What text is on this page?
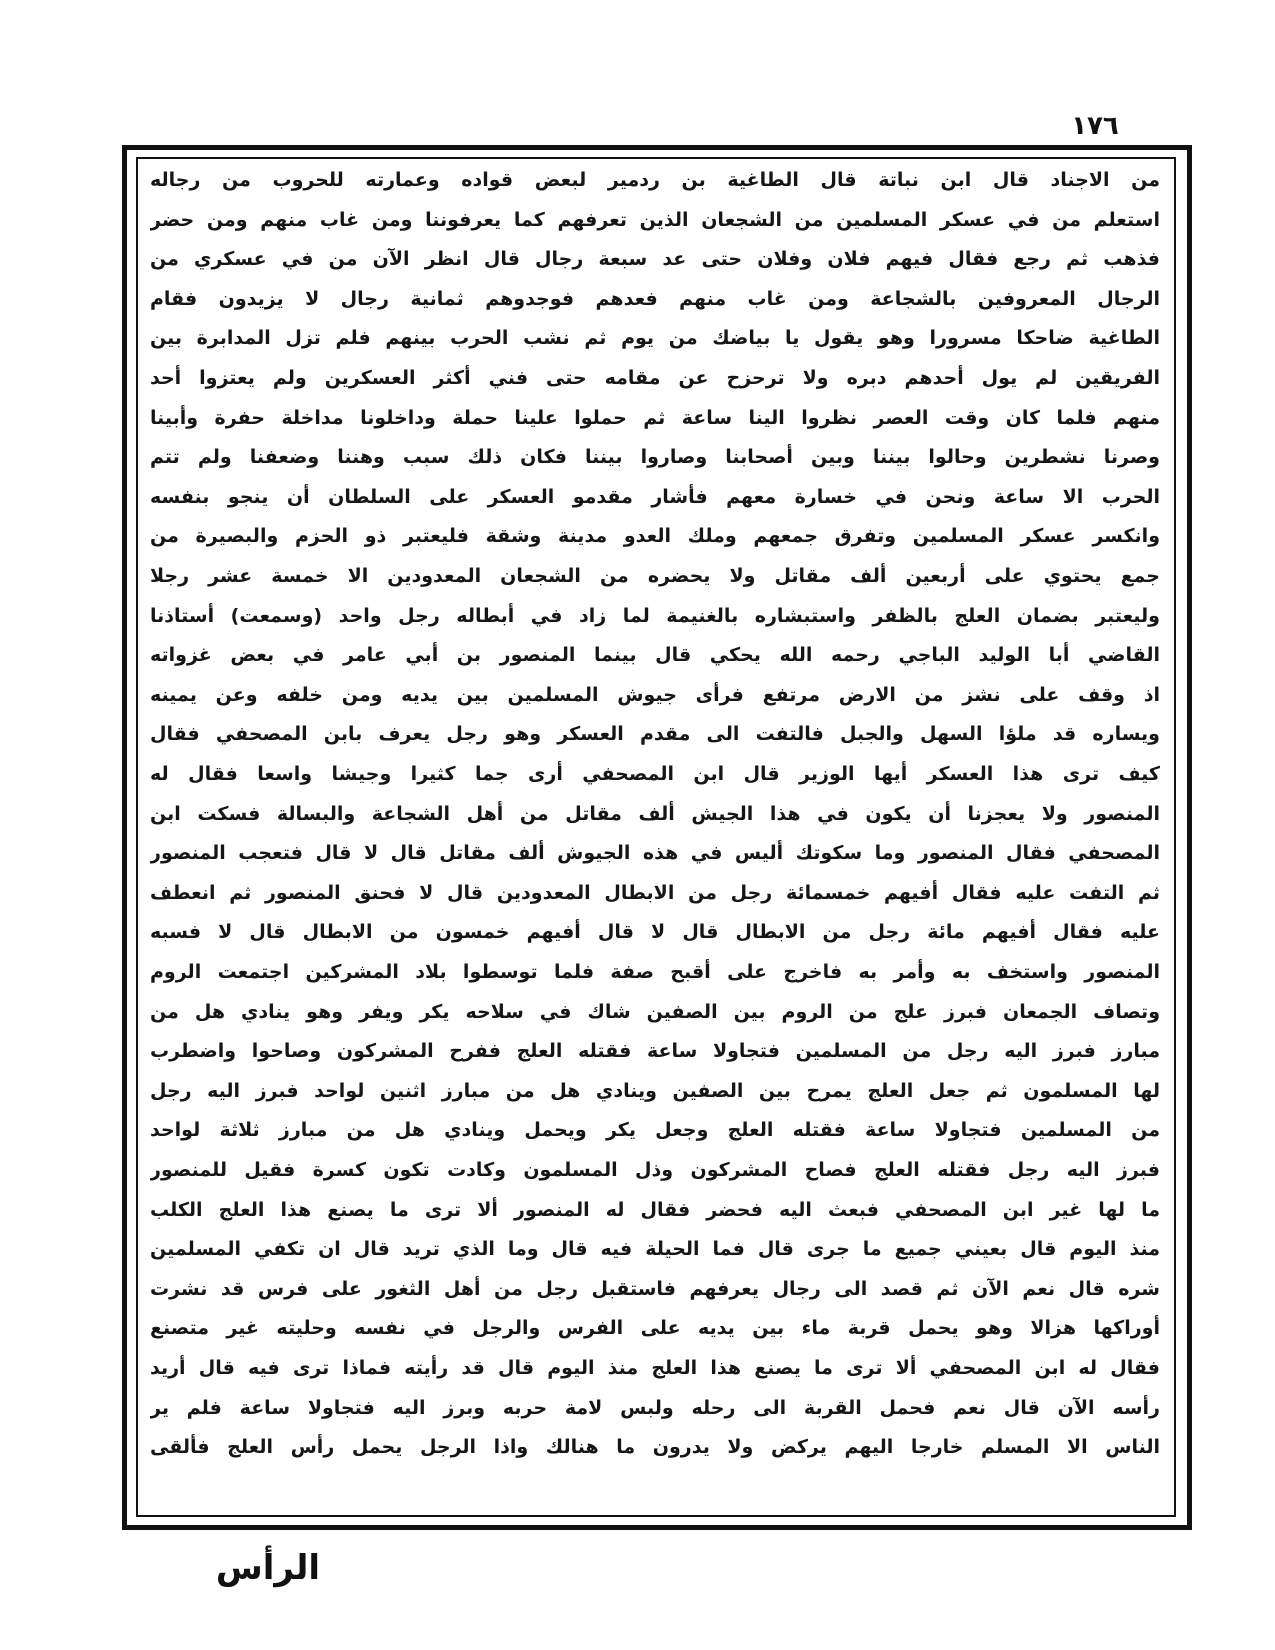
١٧٦
من الاجناد قال ابن نباتة قال الطاغية بن ردمير لبعض قواده وعمارته للحروب من رجاله
استعلم من في عسكر المسلمين من الشجعان الذين تعرفهم كما يعرفوننا ومن غاب منهم ومن حضر
فذهب ثم رجع فقال فيهم فلان وفلان حتى عد سبعة رجال قال انظر الآن من في عسكري من
الرجال المعروفين بالشجاعة ومن غاب منهم فعدهم فوجدوهم ثمانية رجال لا يزيدون فقام
الطاغية ضاحكا مسرورا وهو يقول يا بياضك من يوم ثم نشب الحرب بينهم فلم تزل المدابرة بين
الفريقين لم يول أحدهم دبره ولا ترحزح عن مقامه حتى فني أكثر العسكرين ولم يعتزوا أحد
منهم فلما كان وقت العصر نظروا الينا ساعة ثم حملوا علينا حملة وداخلونا مداخلة حفرة وأبينا
وصرنا نشطرين وحالوا بيننا وبين أصحابنا وصاروا بيننا فكان ذلك سبب وهننا وضعفنا ولم تتم
الحرب الا ساعة ونحن في خسارة معهم فأشار مقدمو العسكر على السلطان أن ينجو بنفسه
وانكسر عسكر المسلمين وتفرق جمعهم وملك العدو مدينة وشقة فليعتبر ذو الحزم والبصيرة من
جمع يحتوي على أربعين ألف مقاتل ولا يحضره من الشجعان المعدودين الا خمسة عشر رجلا
وليعتبر بضمان العلج بالظفر واستبشاره بالغنيمة لما زاد في أبطاله رجل واحد (وسمعت) أستاذنا
القاضي أبا الوليد الباجي رحمه الله يحكي قال بينما المنصور بن أبي عامر في بعض غزواته
اذ وقف على نشز من الارض مرتفع فرأى جيوش المسلمين بين يديه ومن خلفه وعن يمينه
ويساره قد ملؤا السهل والجبل فالتفت الى مقدم العسكر وهو رجل يعرف بابن المصحفي فقال
كيف ترى هذا العسكر أيها الوزير قال ابن المصحفي أرى جما كثيرا وجيشا واسعا فقال له
المنصور ولا يعجزنا أن يكون في هذا الجيش ألف مقاتل من أهل الشجاعة والبسالة فسكت ابن
المصحفي فقال المنصور وما سكوتك أليس في هذه الجيوش ألف مقاتل قال لا قال فتعجب المنصور
ثم التفت عليه فقال أفيهم خمسمائة رجل من الابطال المعدودين قال لا فحنق المنصور ثم انعطف
عليه فقال أفيهم مائة رجل من الابطال قال لا قال أفيهم خمسون من الابطال قال لا فسبه
المنصور واستخف به وأمر به فاخرج على أقبح صفة فلما توسطوا بلاد المشركين اجتمعت الروم
وتصاف الجمعان فبرز علج من الروم بين الصفين شاك في سلاحه يكر ويفر وهو ينادي هل من
مبارز فبرز اليه رجل من المسلمين فتجاولا ساعة فقتله العلج ففرح المشركون وصاحوا واضطرب
لها المسلمون ثم جعل العلج يمرح بين الصفين وينادي هل من مبارز اثنين لواحد فبرز اليه رجل
من المسلمين فتجاولا ساعة فقتله العلج وجعل يكر ويحمل وينادي هل من مبارز ثلاثة لواحد
فبرز اليه رجل فقتله العلج فصاح المشركون وذل المسلمون وكادت تكون كسرة فقيل للمنصور
ما لها غير ابن المصحفي فبعث اليه فحضر فقال له المنصور ألا ترى ما يصنع هذا العلج الكلب
منذ اليوم قال بعيني جميع ما جرى قال فما الحيلة فيه قال وما الذي تريد قال ان تكفي المسلمين
شره قال نعم الآن ثم قصد الى رجال يعرفهم فاستقبل رجل من أهل الثغور على فرس قد نشرت
أوراكها هزالا وهو يحمل قربة ماء بين يديه على الفرس والرجل في نفسه وحليته غير متصنع
فقال له ابن المصحفي ألا ترى ما يصنع هذا العلج منذ اليوم قال قد رأيته فماذا ترى فيه قال أريد
رأسه الآن قال نعم فحمل القربة الى رحله ولبس لامة حربه وبرز اليه فتجاولا ساعة فلم ير
الناس الا المسلم خارجا اليهم يركض ولا يدرون ما هنالك واذا الرجل يحمل رأس العلج فألقى
الرأس
